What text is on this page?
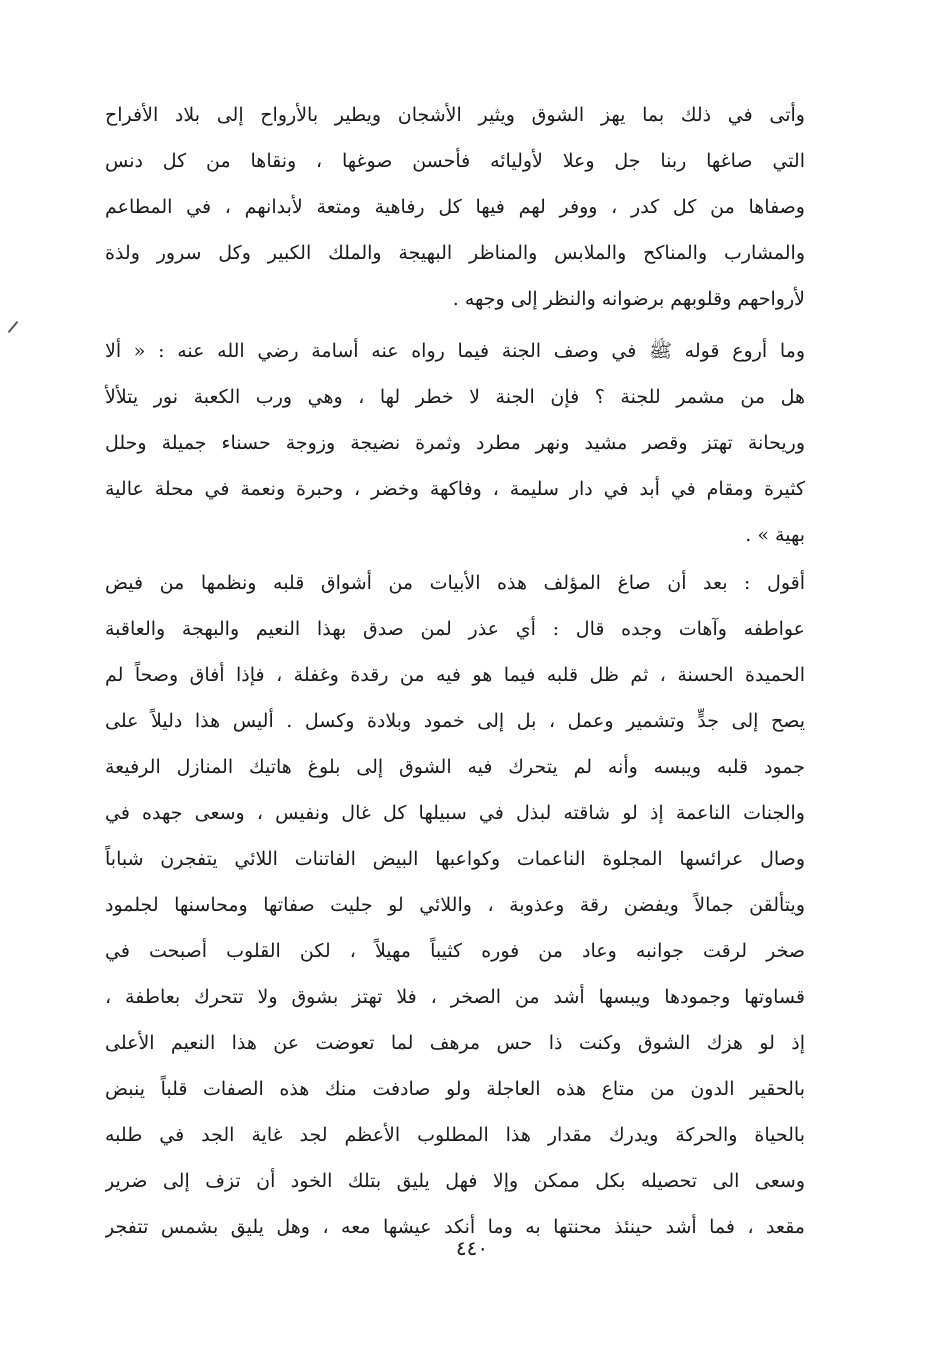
وأتى في ذلك بما يهز الشوق ويثير الأشجان ويطير بالأرواح إلى بلاد الأفراح
التي صاغها ربنا جل وعلا لأوليائه فأحسن صوغها ، ونقاها من كل دنس
وصفاها من كل كدر ، ووفر لهم فيها كل رفاهية ومتعة لأبدانهم ، في المطاعم
والمشارب والمناكح والملابس والمناظر البهيجة والملك الكبير وكل سرور ولذة
لأرواحهم وقلوبهم برضوانه والنظر إلى وجهه .
وما أروع قوله ﷺ في وصف الجنة فيما رواه عنه أسامة رضي الله عنه : « ألا
هل من مشمر للجنة ؟ فإن الجنة لا خطر لها ، وهي ورب الكعبة نور يتلألأ
وريحانة تهتز وقصر مشيد ونهر مطرد وثمرة نضيجة وزوجة حسناء جميلة وحلل
كثيرة ومقام في أبد في دار سليمة ، وفاكهة وخضر ، وحبرة ونعمة في محلة عالية
بهية » .
أقول : بعد أن صاغ المؤلف هذه الأبيات من أشواق قلبه ونظمها من فيض
عواطفه وآهات وجده قال : أي عذر لمن صدق بهذا النعيم والبهجة والعاقبة
الحميدة الحسنة ، ثم ظل قلبه فيما هو فيه من رقدة وغفلة ، فإذا أفاق وصحاً لم
يصح إلى جدٍّ وتشمير وعمل ، بل إلى خمود وبلادة وكسل . أليس هذا دليلاً على
جمود قلبه ويبسه وأنه لم يتحرك فيه الشوق إلى بلوغ هاتيك المنازل الرفيعة
والجنات الناعمة إذ لو شاقته لبذل في سبيلها كل غال ونفيس ، وسعى جهده في
وصال عرائسها المجلوة الناعمات وكواعبها البيض الفاتنات اللائي يتفجرن شباباً
ويتألقن جمالاً ويفضن رقة وعذوبة ، واللائي لو جليت صفاتها ومحاسنها لجلمود
صخر لرقت جوانبه وعاد من فوره كثيباً مهيلاً ، لكن القلوب أصبحت في
قساوتها وجمودها ويبسها أشد من الصخر ، فلا تهتز بشوق ولا تتحرك بعاطفة ،
إذ لو هزك الشوق وكنت ذا حس مرهف لما تعوضت عن هذا النعيم الأعلى
بالحقير الدون من متاع هذه العاجلة ولو صادفت منك هذه الصفات قلباً ينبض
بالحياة والحركة ويدرك مقدار هذا المطلوب الأعظم لجد غاية الجد في طلبه
وسعى الى تحصيله بكل ممكن وإلا فهل يليق بتلك الخود أن تزف إلى ضرير
مقعد ، فما أشد حينئذ محنتها به وما أنكد عيشها معه ، وهل يليق بشمس تتفجر
٤٤٠
